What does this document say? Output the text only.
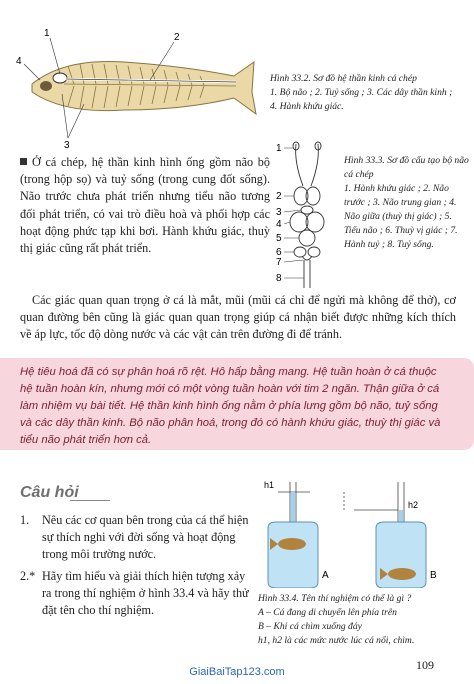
1	2
3
4
Hình 33.2. Sơ đồ hệ thần kinh cá chép
1. Bộ não ; 2. Tuỷ sống ; 3. Các dây thần kinh ; 4. Hành khứu giác.
1
2
3
4
5
6
7
8
Hình 33.3. Sơ đồ cấu tạo bộ não cá chép
1. Hành khứu giác ; 2. Não trước ; 3. Não trung gian ; 4. Não giữa (thuỳ thị giác) ; 5. Tiểu não ; 6. Thuỳ vị giác ; 7. Hành tuỷ ; 8. Tuỷ sống.
Ở cá chép, hệ thần kinh hình ống gồm não bộ (trong hộp sọ) và tuỷ sống (trong cung đốt sống). Não trước chưa phát triển nhưng tiểu não tương đối phát triển, có vai trò điều hoà và phối hợp các hoạt động phức tạp khi bơi. Hành khứu giác, thuỳ thị giác cũng rất phát triển.
Các giác quan quan trọng ở cá là mắt, mũi (mũi cá chỉ để ngửi mà không để thở), cơ quan đường bên cũng là giác quan quan trọng giúp cá nhận biết được những kích thích về áp lực, tốc độ dòng nước và các vật cản trên đường đi để tránh.
Hệ tiêu hoá đã có sự phân hoá rõ rệt. Hô hấp bằng mang. Hệ tuần hoàn ở cá thuộc hệ tuần hoàn kín, nhưng mới có một vòng tuần hoàn với tim 2 ngăn. Thận giữa ở cá làm nhiệm vụ bài tiết. Hệ thần kinh hình ống nằm ở phía lưng gồm bộ não, tuỷ sống và các dây thần kinh. Bộ não phân hoá, trong đó có hành khứu giác, thuỳ thị giác và tiểu não phát triển hơn cả.
Câu hỏi
1.	Nêu các cơ quan bên trong của cá thể hiện sự thích nghi với đời sống và hoạt động trong môi trường nước.
2.* Hãy tìm hiểu và giải thích hiện tượng xảy ra trong thí nghiệm ở hình 33.4 và hãy thử đặt tên cho thí nghiệm.
h1
h2
A	B
Hình 33.4. Tên thí nghiệm có thể là gì ?
A – Cá đang di chuyển lên phía trên
B – Khi cá chìm xuống đáy
h1, h2 là các mức nước lúc cá nổi, chìm.
109
GiaiBaiTap123.com
